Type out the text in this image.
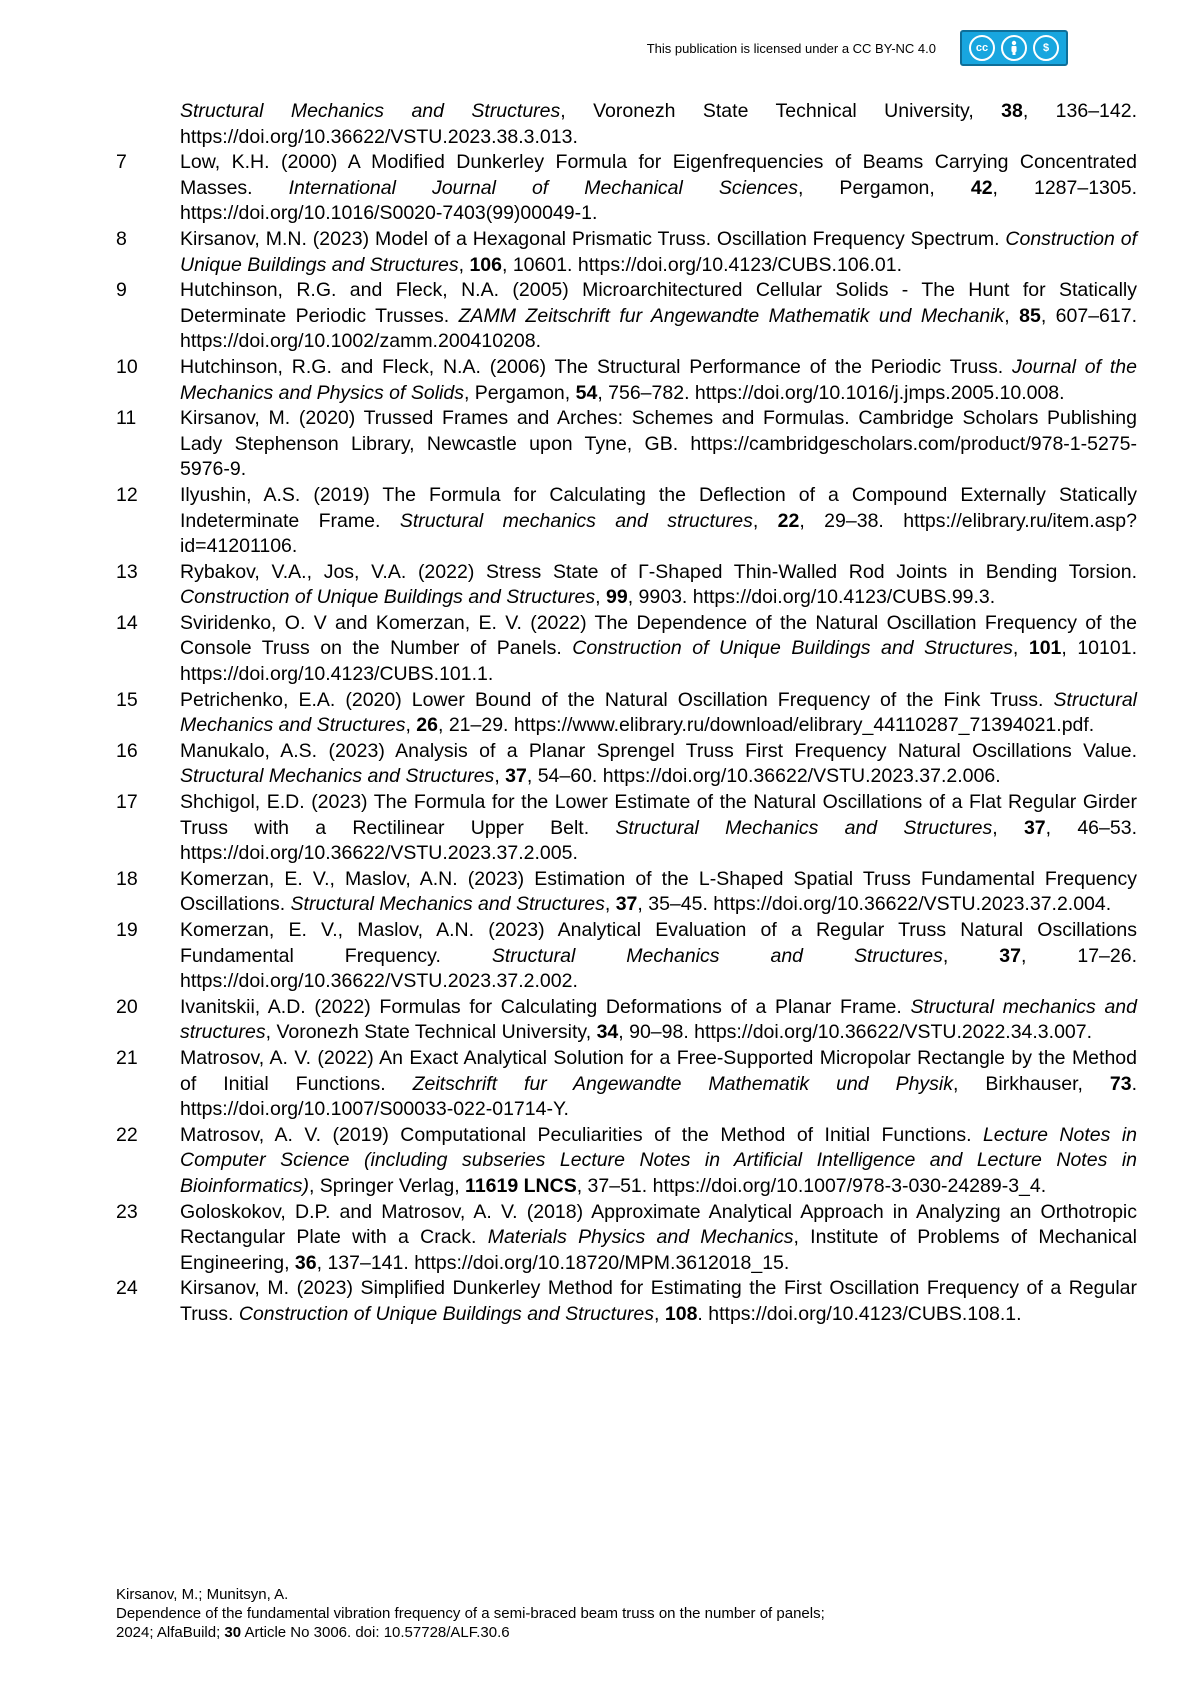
This publication is licensed under a CC BY-NC 4.0	cc	$
Structural Mechanics and Structures, Voronezh State Technical University, 38, 136–142. https://doi.org/10.36622/VSTU.2023.38.3.013.
7	Low, K.H. (2000) A Modified Dunkerley Formula for Eigenfrequencies of Beams Carrying Concentrated Masses. International Journal of Mechanical Sciences, Pergamon, 42, 1287–1305. https://doi.org/10.1016/S0020-7403(99)00049-1.
8	Kirsanov, M.N. (2023) Model of a Hexagonal Prismatic Truss. Oscillation Frequency Spectrum. Construction of Unique Buildings and Structures, 106, 10601. https://doi.org/10.4123/CUBS.106.01.
9	Hutchinson, R.G. and Fleck, N.A. (2005) Microarchitectured Cellular Solids - The Hunt for Statically Determinate Periodic Trusses. ZAMM Zeitschrift fur Angewandte Mathematik und Mechanik, 85, 607–617. https://doi.org/10.1002/zamm.200410208.
10	Hutchinson, R.G. and Fleck, N.A. (2006) The Structural Performance of the Periodic Truss. Journal of the Mechanics and Physics of Solids, Pergamon, 54, 756–782. https://doi.org/10.1016/j.jmps.2005.10.008.
11	Kirsanov, M. (2020) Trussed Frames and Arches: Schemes and Formulas. Cambridge Scholars Publishing Lady Stephenson Library, Newcastle upon Tyne, GB. https://cambridgescholars.com/product/978-1-5275-5976-9.
12	Ilyushin, A.S. (2019) The Formula for Calculating the Deflection of a Compound Externally Statically Indeterminate Frame. Structural mechanics and structures, 22, 29–38. https://elibrary.ru/item.asp?id=41201106.
13	Rybakov, V.A., Jos, V.A. (2022) Stress State of Г-Shaped Thin-Walled Rod Joints in Bending Torsion. Construction of Unique Buildings and Structures, 99, 9903. https://doi.org/10.4123/CUBS.99.3.
14	Sviridenko, O. V and Komerzan, E. V. (2022) The Dependence of the Natural Oscillation Frequency of the Console Truss on the Number of Panels. Construction of Unique Buildings and Structures, 101, 10101. https://doi.org/10.4123/CUBS.101.1.
15	Petrichenko, E.A. (2020) Lower Bound of the Natural Oscillation Frequency of the Fink Truss. Structural Mechanics and Structures, 26, 21–29. https://www.elibrary.ru/download/elibrary_44110287_71394021.pdf.
16	Manukalo, A.S. (2023) Analysis of a Planar Sprengel Truss First Frequency Natural Oscillations Value. Structural Mechanics and Structures, 37, 54–60. https://doi.org/10.36622/VSTU.2023.37.2.006.
17	Shchigol, E.D. (2023) The Formula for the Lower Estimate of the Natural Oscillations of a Flat Regular Girder Truss with a Rectilinear Upper Belt. Structural Mechanics and Structures, 37, 46–53. https://doi.org/10.36622/VSTU.2023.37.2.005.
18	Komerzan, E. V., Maslov, A.N. (2023) Estimation of the L-Shaped Spatial Truss Fundamental Frequency Oscillations. Structural Mechanics and Structures, 37, 35–45. https://doi.org/10.36622/VSTU.2023.37.2.004.
19	Komerzan, E. V., Maslov, A.N. (2023) Analytical Evaluation of a Regular Truss Natural Oscillations Fundamental Frequency. Structural Mechanics and Structures, 37, 17–26. https://doi.org/10.36622/VSTU.2023.37.2.002.
20	Ivanitskii, A.D. (2022) Formulas for Calculating Deformations of a Planar Frame. Structural mechanics and structures, Voronezh State Technical University, 34, 90–98. https://doi.org/10.36622/VSTU.2022.34.3.007.
21	Matrosov, A. V. (2022) An Exact Analytical Solution for a Free-Supported Micropolar Rectangle by the Method of Initial Functions. Zeitschrift fur Angewandte Mathematik und Physik, Birkhauser, 73. https://doi.org/10.1007/S00033-022-01714-Y.
22	Matrosov, A. V. (2019) Computational Peculiarities of the Method of Initial Functions. Lecture Notes in Computer Science (including subseries Lecture Notes in Artificial Intelligence and Lecture Notes in Bioinformatics), Springer Verlag, 11619 LNCS, 37–51. https://doi.org/10.1007/978-3-030-24289-3_4.
23	Goloskokov, D.P. and Matrosov, A. V. (2018) Approximate Analytical Approach in Analyzing an Orthotropic Rectangular Plate with a Crack. Materials Physics and Mechanics, Institute of Problems of Mechanical Engineering, 36, 137–141. https://doi.org/10.18720/MPM.3612018_15.
24	Kirsanov, M. (2023) Simplified Dunkerley Method for Estimating the First Oscillation Frequency of a Regular Truss. Construction of Unique Buildings and Structures, 108. https://doi.org/10.4123/CUBS.108.1.
Kirsanov, M.; Munitsyn, A.
Dependence of the fundamental vibration frequency of a semi-braced beam truss on the number of panels;
2024; AlfaBuild; 30 Article No 3006. doi: 10.57728/ALF.30.6
